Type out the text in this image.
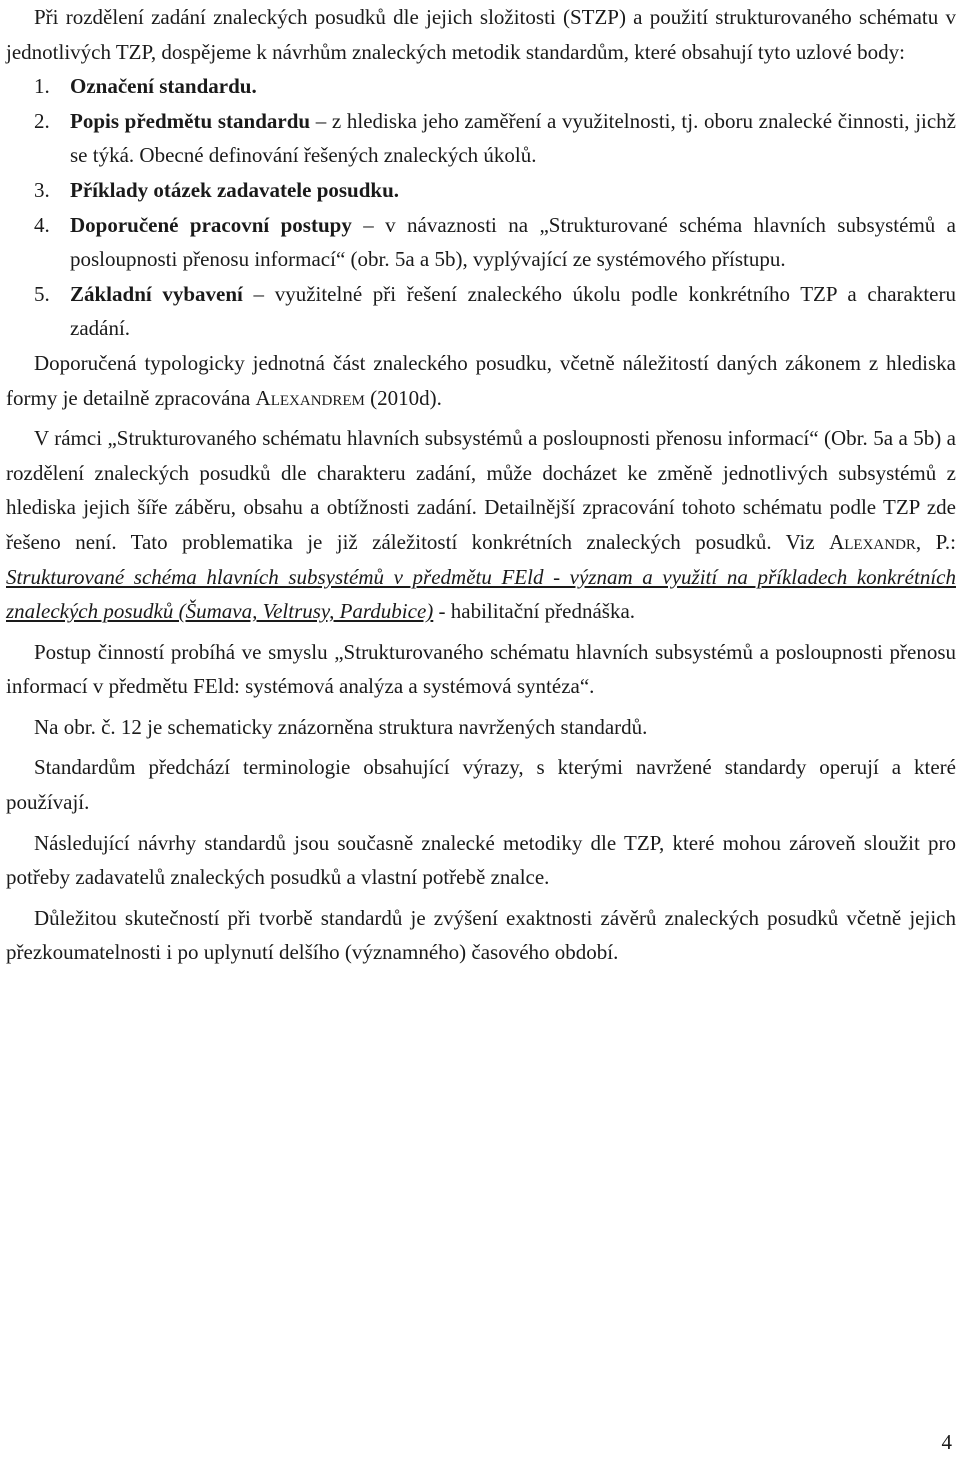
Při rozdělení zadání znaleckých posudků dle jejich složitosti (STZP) a použití strukturovaného schématu v jednotlivých TZP, dospějeme k návrhům znaleckých metodik standardům, které obsahují tyto uzlové body:

1. Označení standardu.
2. Popis předmětu standardu – z hlediska jeho zaměření a využitelnosti, tj. oboru znalecké činnosti, jichž se týká. Obecné definování řešených znaleckých úkolů.
3. Příklady otázek zadavatele posudku.
4. Doporučené pracovní postupy – v návaznosti na „Strukturované schéma hlavních subsystémů a posloupnosti přenosu informací“ (obr. 5a a 5b), vyplývající ze systémového přístupu.
5. Základní vybavení – využitelné při řešení znaleckého úkolu podle konkrétního TZP a charakteru zadání.

Doporučená typologicky jednotná část znaleckého posudku, včetně náležitostí daných zákonem z hlediska formy je detailně zpracována Alexandrem (2010d).

V rámci „Strukturovaného schématu hlavních subsystémů a posloupnosti přenosu informací“ (Obr. 5a a 5b) a rozdělení znaleckých posudků dle charakteru zadání, může docházet ke změně jednotlivých subsystémů z hlediska jejich šíře záběru, obsahu a obtížnosti zadání. Detailnější zpracování tohoto schématu podle TZP zde řešeno není. Tato problematika je již záležitostí konkrétních znaleckých posudků. Viz Alexandr, P.: Strukturované schéma hlavních subsystémů v předmětu FEld - význam a využití na příkladech konkrétních znaleckých posudků (Šumava, Veltrusy, Pardubice) - habilitační přednáška.

Postup činností probíhá ve smyslu „Strukturovaného schématu hlavních subsystémů a posloupnosti přenosu informací v předmětu FEld: systémová analýza a systémová syntéza“.

Na obr. č. 12 je schematicky znázorněna struktura navržených standardů.

Standardům předchází terminologie obsahující výrazy, s kterými navržené standardy operují a které používají.

Následující návrhy standardů jsou současně znalecké metodiky dle TZP, které mohou zároveň sloužit pro potřeby zadavatelů znaleckých posudků a vlastní potřebě znalce.

Důležitou skutečností při tvorbě standardů je zvýšení exaktnosti závěrů znaleckých posudků včetně jejich přezkoumatelnosti i po uplynutí delšího (významného) časového období.

4
